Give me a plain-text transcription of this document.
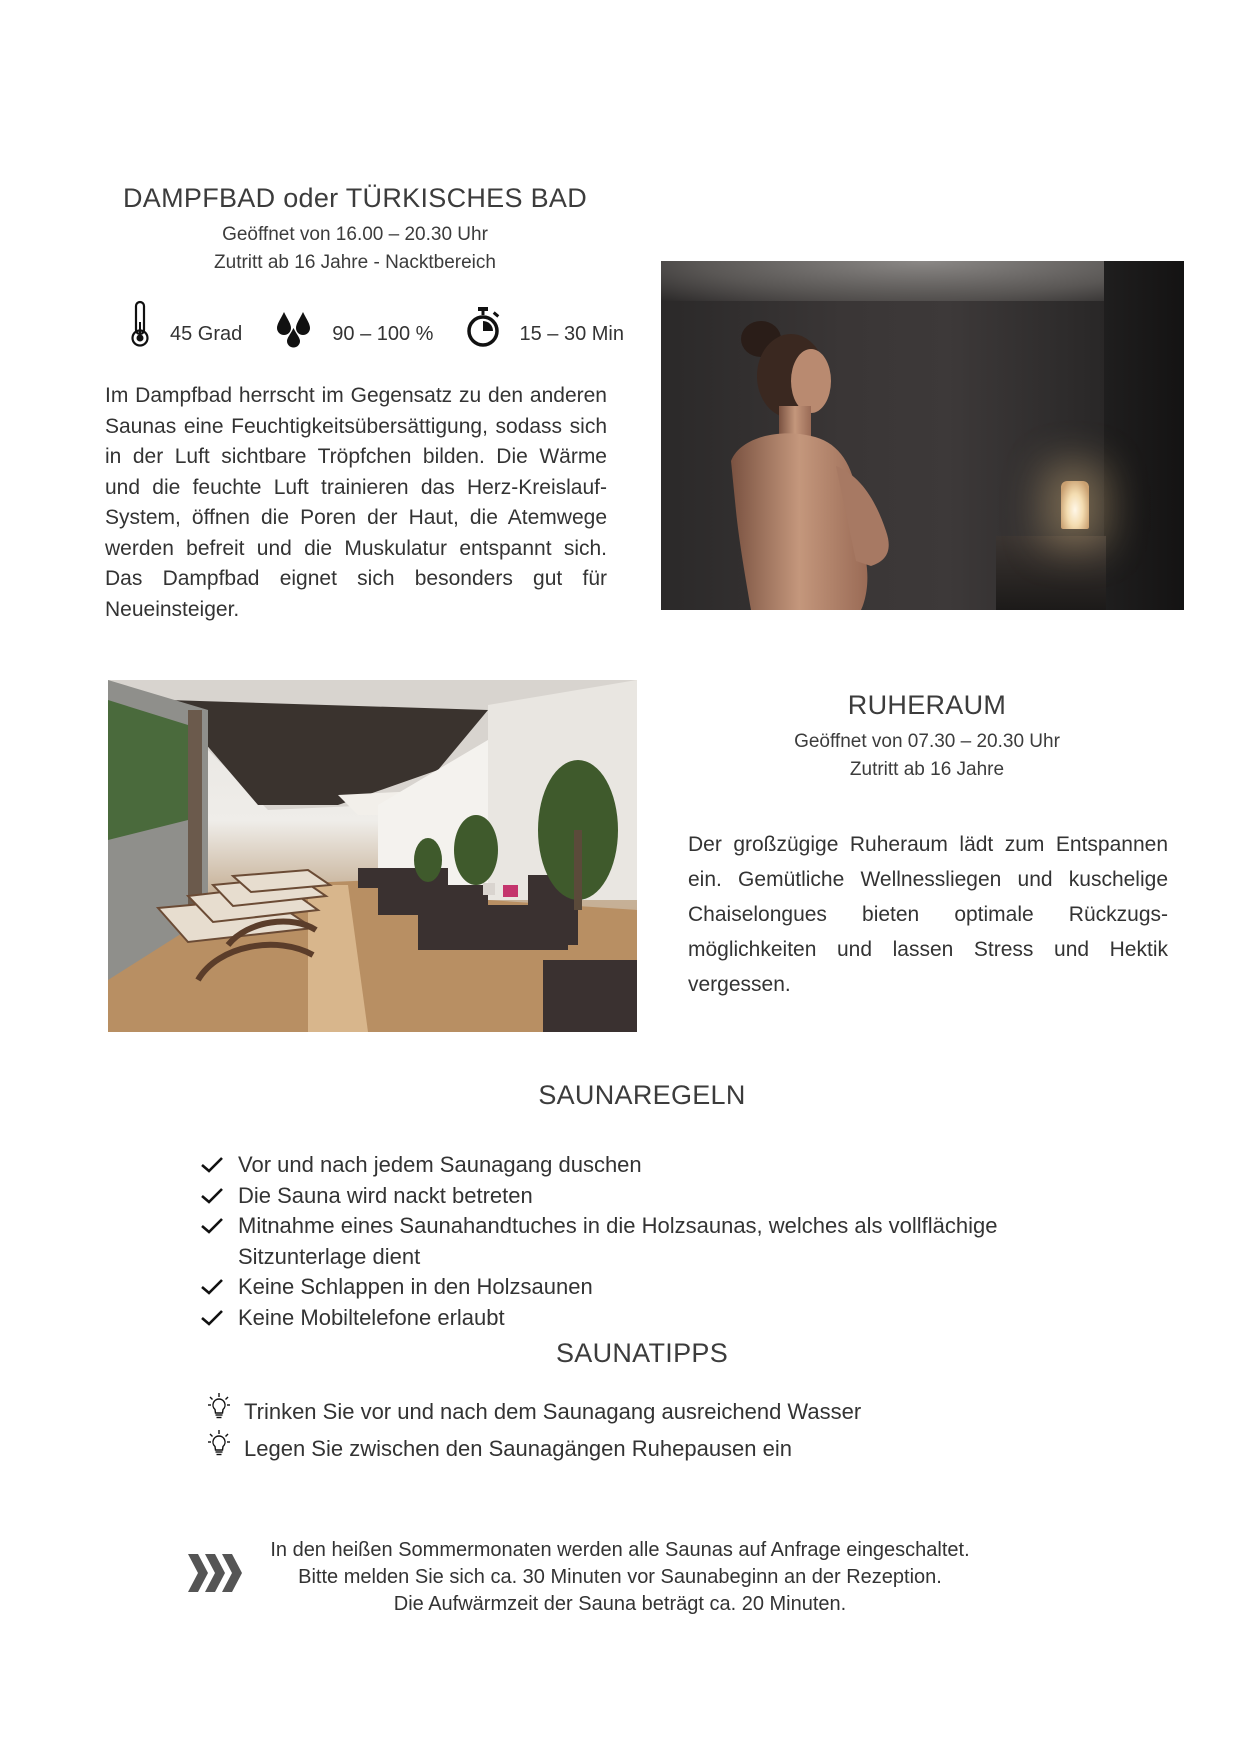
DAMPFBAD oder TÜRKISCHES BAD
Geöffnet von 16.00 – 20.30 Uhr
Zutritt ab 16 Jahre - Nacktbereich
45 Grad	90 – 100 %	15 – 30 Min
Im Dampfbad herrscht im Gegensatz zu den anderen Saunas eine Feuchtigkeitsübersättigung, sodass sich in der Luft sichtbare Tröpfchen bilden. Die Wärme und die feuchte Luft trainieren das Herz-Kreislauf-System, öffnen die Poren der Haut, die Atemwege werden befreit und die Muskulatur entspannt sich. Das Dampfbad eignet sich besonders gut für Neueinsteiger.
RUHERAUM
Geöffnet von 07.30 – 20.30 Uhr
Zutritt ab 16 Jahre
Der großzügige Ruheraum lädt zum Entspannen ein. Gemütliche Wellnessliegen und kuschelige Chaiselongues bieten optimale Rückzugs-möglichkeiten und lassen Stress und Hektik vergessen.
SAUNAREGELN
Vor und nach jedem Saunagang duschen
Die Sauna wird nackt betreten
Mitnahme eines Saunahandtuches in die Holzsaunas, welches als vollflächige Sitzunterlage dient
Keine Schlappen in den Holzsaunen
Keine Mobiltelefone erlaubt
SAUNATIPPS
Trinken Sie vor und nach dem Saunagang ausreichend Wasser
Legen Sie zwischen den Saunagängen Ruhepausen ein
In den heißen Sommermonaten werden alle Saunas auf Anfrage eingeschaltet.
Bitte melden Sie sich ca. 30 Minuten vor Saunabeginn an der Rezeption.
Die Aufwärmzeit der Sauna beträgt ca. 20 Minuten.
